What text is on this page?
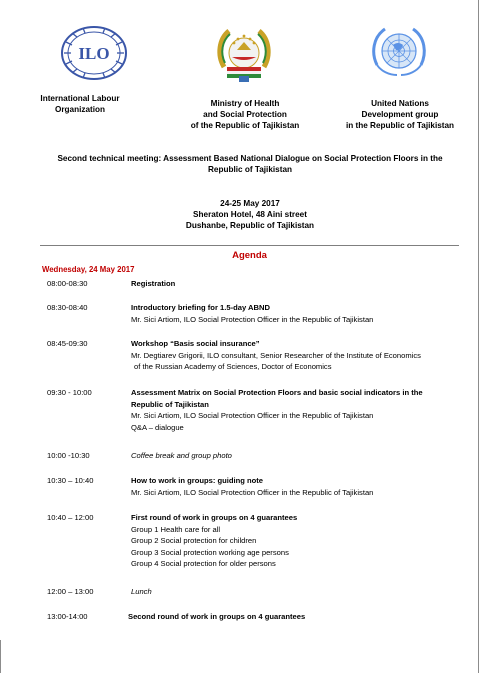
ILO
International Labour
Organization
Ministry of Health
and Social Protection
of the Republic of Tajikistan
United Nations
Development group
in the Republic of Tajikistan
Second technical meeting: Assessment Based National Dialogue on Social Protection Floors in the Republic of Tajikistan
24-25 May 2017
Sheraton Hotel, 48 Aini street
Dushanbe, Republic of Tajikistan
Agenda
Wednesday, 24 May 2017
08:00-08:30	Registration
08:30-08:40	Introductory briefing for 1.5-day ABND
Mr. Sici Artiom, ILO Social Protection Officer in the Republic of Tajikistan
08:45-09:30	Workshop “Basis social insurance”
Mr. Degtiarev Grigorii, ILO consultant, Senior Researcher of the Institute of Economics
of the Russian Academy of Sciences, Doctor of Economics
09:30 - 10:00	Assessment Matrix on Social Protection Floors and basic social indicators in the Republic of Tajikistan
Mr. Sici Artiom, ILO Social Protection Officer in the Republic of Tajikistan
Q&A – dialogue
10:00 -10:30	Coffee break and group photo
10:30 – 10:40	How to work in groups: guiding note
Mr. Sici Artiom, ILO Social Protection Officer in the Republic of Tajikistan
10:40 – 12:00	First round of work in groups on 4 guarantees
Group 1 Health care for all
Group 2 Social protection for children
Group 3 Social protection working age persons
Group 4 Social protection for older persons
12:00 – 13:00	Lunch
13:00-14:00	Second round of work in groups on 4 guarantees
